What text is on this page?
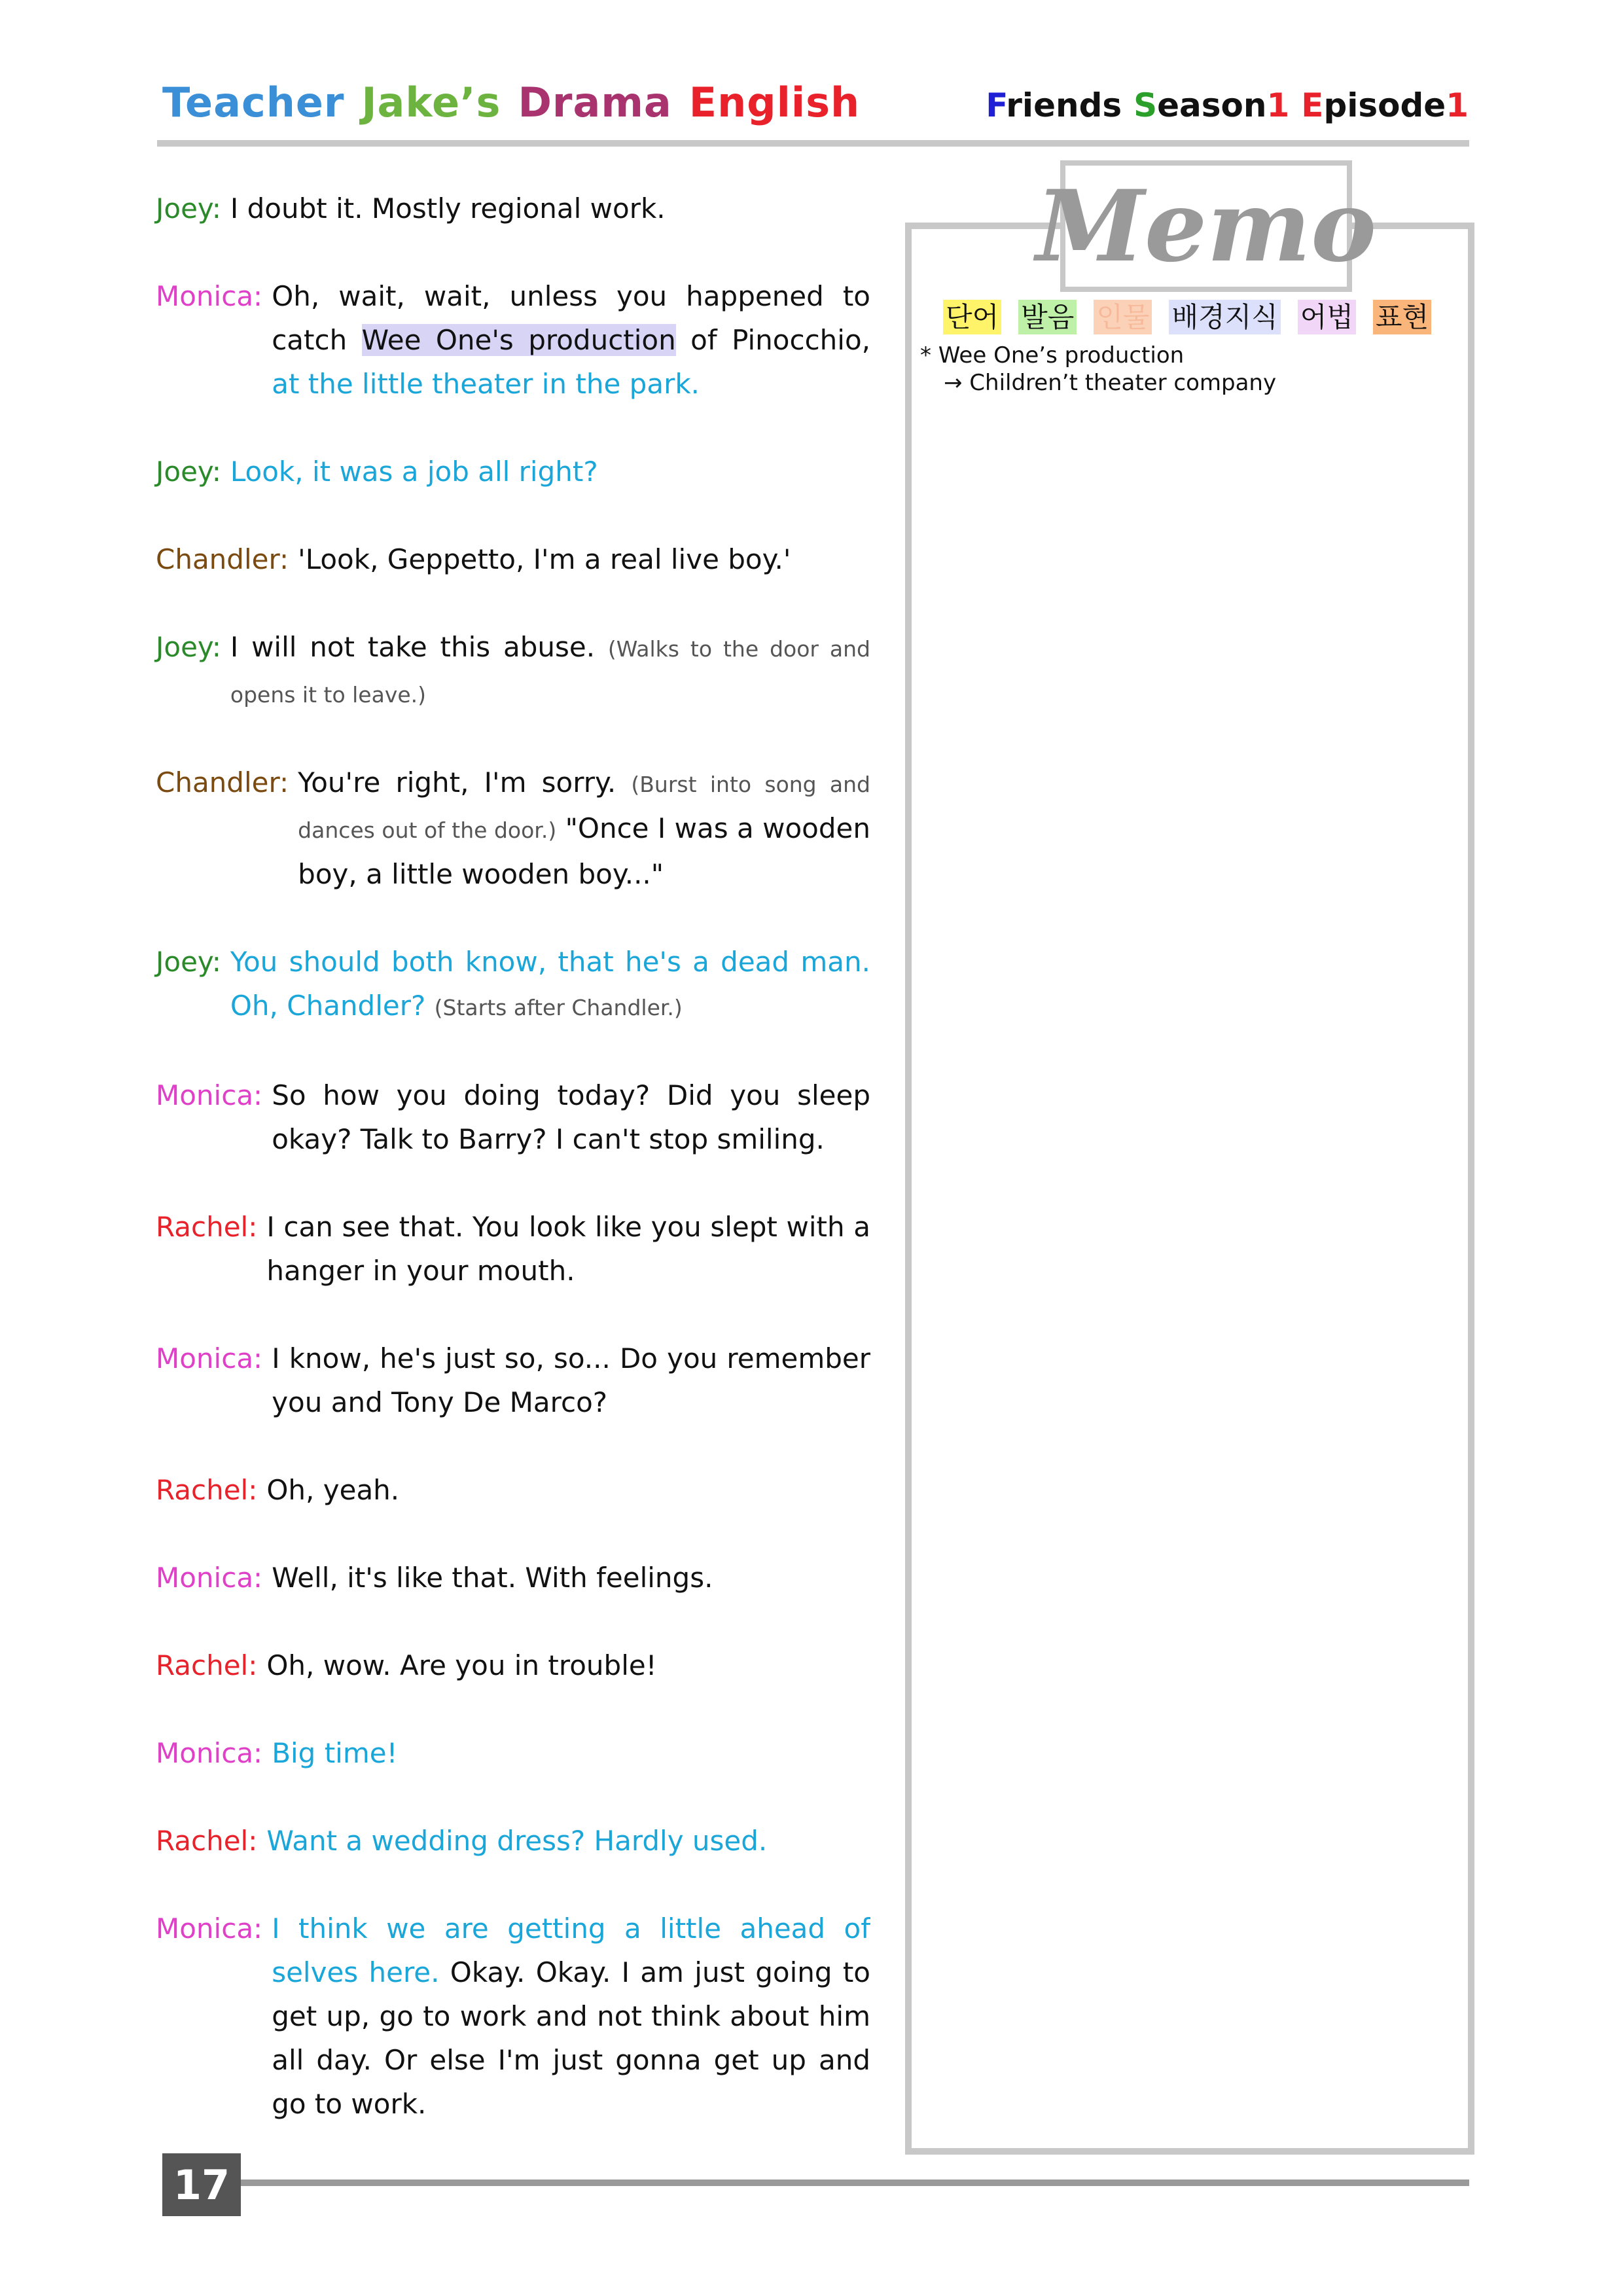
Teacher Jake’s Drama English	Friends Season1 Episode1
Joey: I doubt it. Mostly regional work.
Monica: Oh, wait, wait, unless you happened to catch Wee One's production of Pinocchio, at the little theater in the park.
Joey: Look, it was a job all right?
Chandler: 'Look, Geppetto, I'm a real live boy.'
Joey: I will not take this abuse. (Walks to the door and opens it to leave.)
Chandler: You're right, I'm sorry. (Burst into song and dances out of the door.) "Once I was a wooden boy, a little wooden boy..."
Joey: You should both know, that he's a dead man. Oh, Chandler? (Starts after Chandler.)
Monica: So how you doing today? Did you sleep okay? Talk to Barry? I can't stop smiling.
Rachel: I can see that. You look like you slept with a hanger in your mouth.
Monica: I know, he's just so, so... Do you remember you and Tony De Marco?
Rachel: Oh, yeah.
Monica: Well, it's like that. With feelings.
Rachel: Oh, wow. Are you in trouble!
Monica: Big time!
Rachel: Want a wedding dress? Hardly used.
Monica: I think we are getting a little ahead of selves here. Okay. Okay. I am just going to get up, go to work and not think about him all day. Or else I'm just gonna get up and go to work.
Memo
단어 발음 인물 배경지식 어법 표현
* Wee One’s production
→ Children’t theater company
17
